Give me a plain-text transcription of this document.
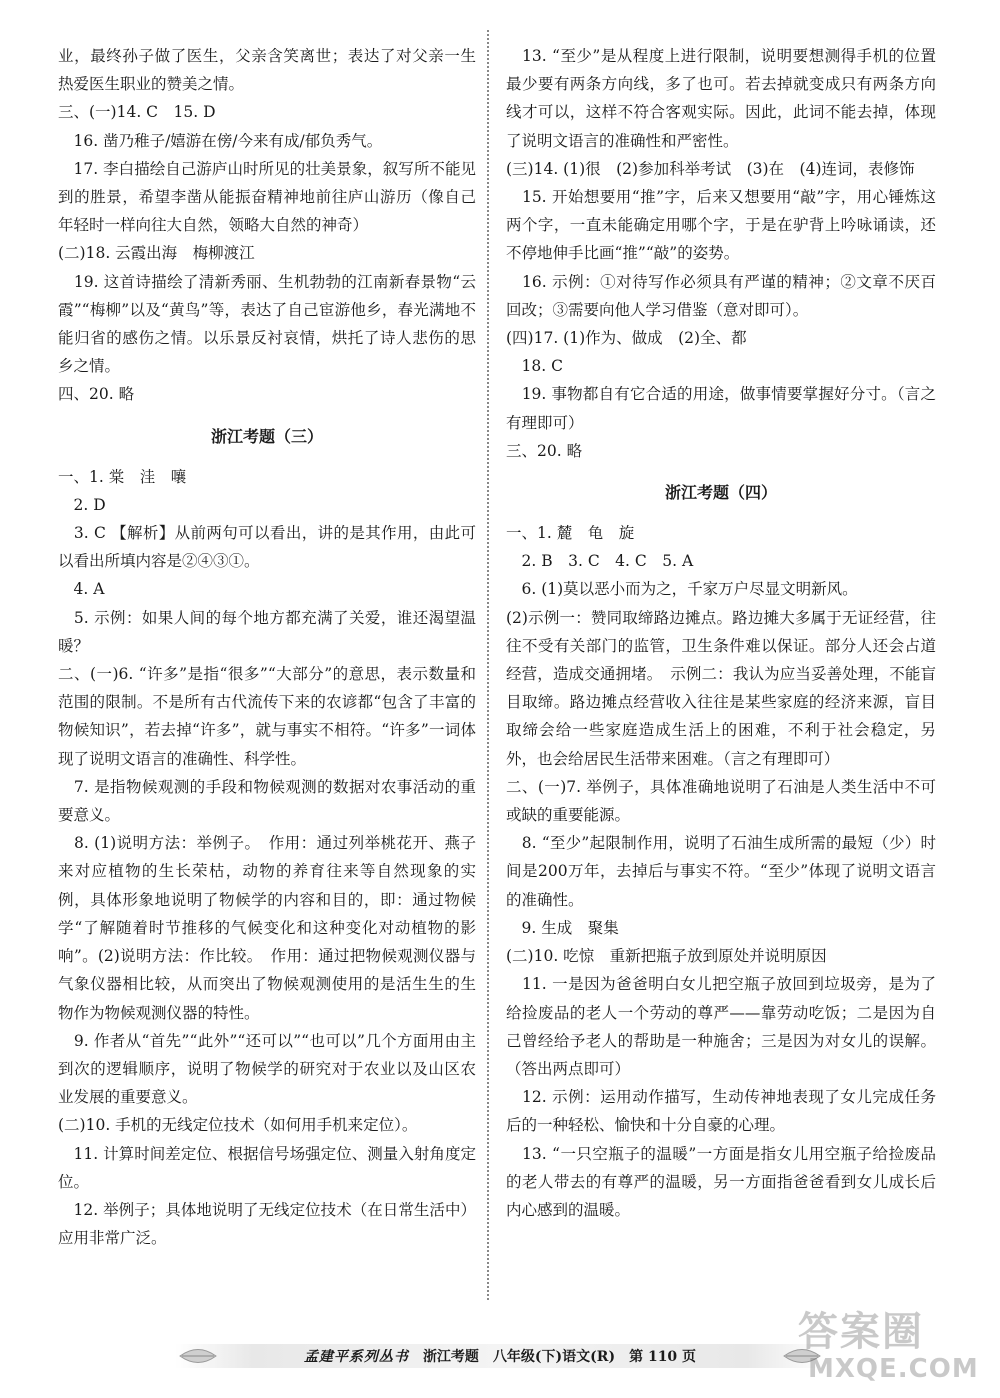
业，最终孙子做了医生，父亲含笑离世；表达了对父亲一生热爱医生职业的赞美之情。

三、(一)14. C　15. D

　16. 凿乃稚子/嬉游在傍/今来有成/郁负秀气。

　17. 李白描绘自己游庐山时所见的壮美景象，叙写所不能见到的胜景，希望李凿从能振奋精神地前往庐山游历（像自己年轻时一样向往大自然，领略大自然的神奇）

(二)18. 云霞出海　梅柳渡江

　19. 这首诗描绘了清新秀丽、生机勃勃的江南新春景物“云霞”“梅柳”以及“黄鸟”等，表达了自己宦游他乡，春光满地不能归省的感伤之情。以乐景反衬哀情，烘托了诗人悲伤的思乡之情。

四、20. 略

浙江考题（三）

一、1. 棠　洼　嚷

　2. D

　3. C 【解析】从前两句可以看出，讲的是其作用，由此可以看出所填内容是②④③①。

　4. A

　5. 示例：如果人间的每个地方都充满了关爱，谁还渴望温暖？

二、(一)6. “许多”是指“很多”“大部分”的意思，表示数量和范围的限制。不是所有古代流传下来的农谚都“包含了丰富的物候知识”，若去掉“许多”，就与事实不相符。“许多”一词体现了说明文语言的准确性、科学性。

　7. 是指物候观测的手段和物候观测的数据对农事活动的重要意义。

　8. (1)说明方法：举例子。　作用：通过列举桃花开、燕子来对应植物的生长荣枯，动物的养育往来等自然现象的实例，具体形象地说明了物候学的内容和目的，即：通过物候学“了解随着时节推移的气候变化和这种变化对动植物的影响”。(2)说明方法：作比较。　作用：通过把物候观测仪器与气象仪器相比较，从而突出了物候观测使用的是活生生的生物作为物候观测仪器的特性。

　9. 作者从“首先”“此外”“还可以”“也可以”几个方面用由主到次的逻辑顺序，说明了物候学的研究对于农业以及山区农业发展的重要意义。

(二)10. 手机的无线定位技术（如何用手机来定位）。

　11. 计算时间差定位、根据信号场强定位、测量入射角度定位。

　12. 举例子；具体地说明了无线定位技术（在日常生活中）应用非常广泛。

　13. “至少”是从程度上进行限制，说明要想测得手机的位置最少要有两条方向线，多了也可。若去掉就变成只有两条方向线才可以，这样不符合客观实际。因此，此词不能去掉，体现了说明文语言的准确性和严密性。

(三)14. (1)很　(2)参加科举考试　(3)在　(4)连词，表修饰

　15. 开始想要用“推”字，后来又想要用“敲”字，用心锤炼这两个字，一直未能确定用哪个字，于是在驴背上吟咏诵读，还不停地伸手比画“推”“敲”的姿势。

　16. 示例：①对待写作必须具有严谨的精神；②文章不厌百回改；③需要向他人学习借鉴（意对即可）。

(四)17. (1)作为、做成　(2)全、都

　18. C

　19. 事物都自有它合适的用途，做事情要掌握好分寸。（言之有理即可）

三、20. 略

浙江考题（四）

一、1. 麓　龟　旋

　2. B　3. C　4. C　5. A

　6. (1)莫以恶小而为之，千家万户尽显文明新风。

(2)示例一：赞同取缔路边摊点。路边摊大多属于无证经营，往往不受有关部门的监管，卫生条件难以保证。部分人还会占道经营，造成交通拥堵。　示例二：我认为应当妥善处理，不能盲目取缔。路边摊点经营收入往往是某些家庭的经济来源，盲目取缔会给一些家庭造成生活上的困难，不利于社会稳定，另外，也会给居民生活带来困难。（言之有理即可）

二、(一)7. 举例子，具体准确地说明了石油是人类生活中不可或缺的重要能源。

　8. “至少”起限制作用，说明了石油生成所需的最短（少）时间是200万年，去掉后与事实不符。“至少”体现了说明文语言的准确性。

　9. 生成　聚集

(二)10. 吃惊　重新把瓶子放到原处并说明原因

　11. 一是因为爸爸明白女儿把空瓶子放回到垃圾旁，是为了给捡废品的老人一个劳动的尊严——靠劳动吃饭；二是因为自己曾经给予老人的帮助是一种施舍；三是因为对女儿的误解。（答出两点即可）

　12. 示例：运用动作描写，生动传神地表现了女儿完成任务后的一种轻松、愉快和十分自豪的心理。

　13. “一只空瓶子的温暖”一方面是指女儿用空瓶子给捡废品的老人带去的有尊严的温暖，另一方面指爸爸看到女儿成长后内心感到的温暖。

孟建平系列丛书 浙江考题 八年级(下)语文(R) 第 110 页
答案圈
MXQE.COM
